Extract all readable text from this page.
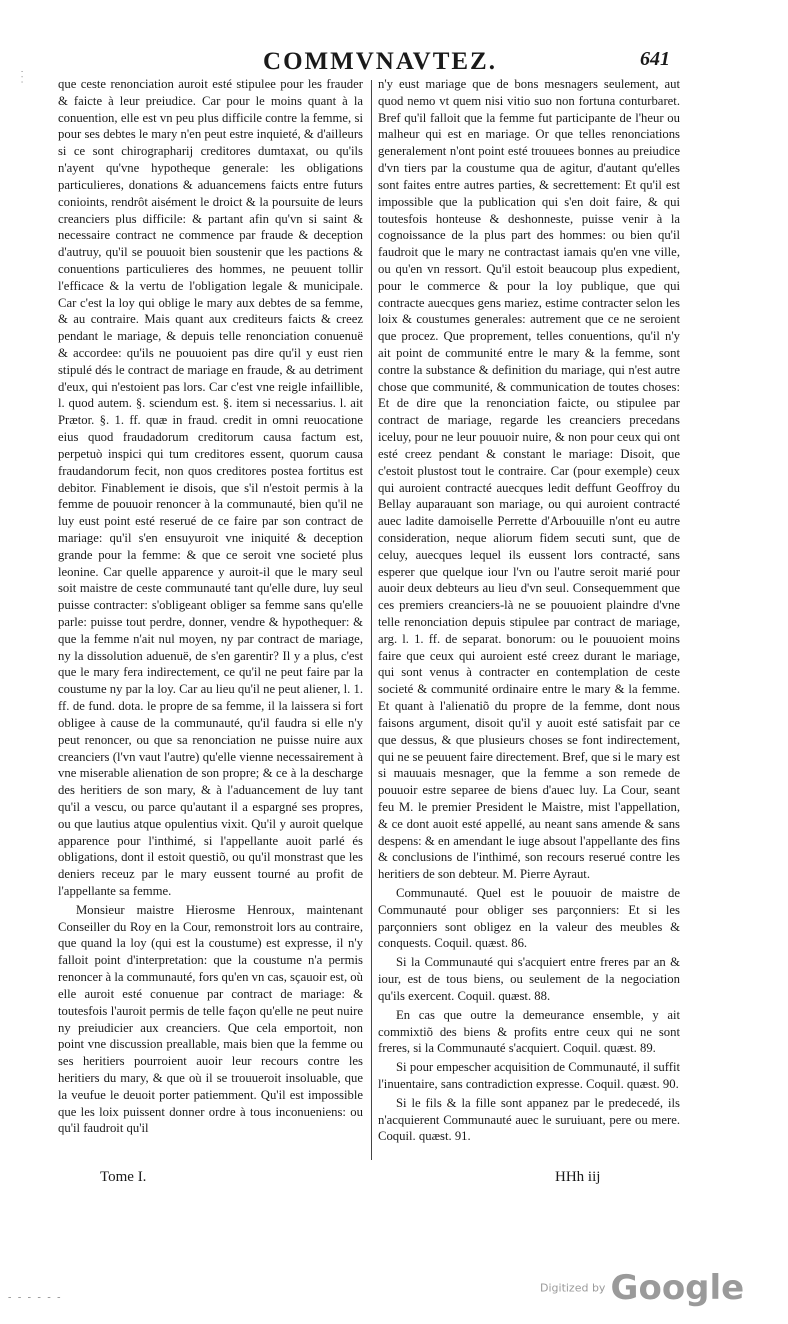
· · ·
COMMVNAVTEZ.	641

que ceste renonciation auroit esté stipulee pour les frauder & faicte à leur preiudice. Car pour le moins quant à la conuention, elle est vn peu plus difficile contre la femme, si pour ses debtes le mary n'en peut estre inquieté, & d'ailleurs si ce sont chirographarij creditores dumtaxat, ou qu'ils n'ayent qu'vne hypotheque generale: les obligations particulieres, donations & aduancemens faicts entre futurs conioints, rendrôt aisément le droict & la poursuite de leurs creanciers plus difficile: & partant afin qu'vn si saint & necessaire contract ne commence par fraude & deception d'autruy, qu'il se pouuoit bien soustenir que les pactions & conuentions particulieres des hommes, ne peuuent tollir l'efficace & la vertu de l'obligation legale & municipale. Car c'est la loy qui oblige le mary aux debtes de sa femme, & au contraire. Mais quant aux crediteurs faicts & creez pendant le mariage, & depuis telle renonciation conuenuë & accordee: qu'ils ne pouuoient pas dire qu'il y eust rien stipulé dés le contract de mariage en fraude, & au detriment d'eux, qui n'estoient pas lors. Car c'est vne reigle infaillible, l. quod autem. §. sciendum est. §. item si necessarius. l. ait Prætor. §. 1. ff. quæ in fraud. credit in omni reuocatione eius quod fraudadorum creditorum causa factum est, perpetuò inspici qui tum creditores essent, quorum causa fraudandorum fecit, non quos creditores postea fortitus est debitor. Finablement ie disois, que s'il n'estoit permis à la femme de pouuoir renoncer à la communauté, bien qu'il ne luy eust point esté reserué de ce faire par son contract de mariage: qu'il s'en ensuyuroit vne iniquité & deception grande pour la femme: & que ce seroit vne societé plus leonine. Car quelle apparence y auroit-il que le mary seul soit maistre de ceste communauté tant qu'elle dure, luy seul puisse contracter: s'obligeant obliger sa femme sans qu'elle parle: puisse tout perdre, donner, vendre & hypothequer: & que la femme n'ait nul moyen, ny par contract de mariage, ny la dissolution aduenuë, de s'en garentir? Il y a plus, c'est que le mary fera indirectement, ce qu'il ne peut faire par la coustume ny par la loy. Car au lieu qu'il ne peut aliener, l. 1. ff. de fund. dota. le propre de sa femme, il la laissera si fort obligee à cause de la communauté, qu'il faudra si elle n'y peut renoncer, ou que sa renonciation ne puisse nuire aux creanciers (l'vn vaut l'autre) qu'elle vienne necessairement à vne miserable alienation de son propre; & ce à la descharge des heritiers de son mary, & à l'aduancement de luy tant qu'il a vescu, ou parce qu'autant il a espargné ses propres, ou que lautius atque opulentius vixit. Qu'il y auroit quelque apparence pour l'inthimé, si l'appellante auoit parlé és obligations, dont il estoit questiõ, ou qu'il monstrast que les deniers receuz par le mary eussent tourné au profit de l'appellante sa femme.

Monsieur maistre Hierosme Henroux, maintenant Conseiller du Roy en la Cour, remonstroit lors au contraire, que quand la loy (qui est la coustume) est expresse, il n'y falloit point d'interpretation: que la coustume n'a permis renoncer à la communauté, fors qu'en vn cas, sçauoir est, où elle auroit esté conuenue par contract de mariage: & toutesfois l'auroit permis de telle façon qu'elle ne peut nuire ny preiudicier aux creanciers. Que cela emportoit, non point vne discussion preallable, mais bien que la femme ou ses heritiers pourroient auoir leur recours contre les heritiers du mary, & que où il se trouueroit insoluable, que la veufue le deuoit porter patiemment. Qu'il est impossible que les loix puissent donner ordre à tous inconueniens: ou qu'il faudroit qu'il

n'y eust mariage que de bons mesnagers seulement, aut quod nemo vt quem nisi vitio suo non fortuna conturbaret. Bref qu'il falloit que la femme fut participante de l'heur ou malheur qui est en mariage. Or que telles renonciations generalement n'ont point esté trouuees bonnes au preiudice d'vn tiers par la coustume qua de agitur, d'autant qu'elles sont faites entre autres parties, & secrettement: Et qu'il est impossible que la publication qui s'en doit faire, & qui toutesfois honteuse & deshonneste, puisse venir à la cognoissance de la plus part des hommes: ou bien qu'il faudroit que le mary ne contractast iamais qu'en vne ville, ou qu'en vn ressort. Qu'il estoit beaucoup plus expedient, pour le commerce & pour la loy publique, que qui contracte auecques gens mariez, estime contracter selon les loix & coustumes generales: autrement que ce ne seroient que procez. Que proprement, telles conuentions, qu'il n'y ait point de communité entre le mary & la femme, sont contre la substance & definition du mariage, qui n'est autre chose que communité, & communication de toutes choses: Et de dire que la renonciation faicte, ou stipulee par contract de mariage, regarde les creanciers precedans iceluy, pour ne leur pouuoir nuire, & non pour ceux qui ont esté creez pendant & constant le mariage: Disoit, que c'estoit plustost tout le contraire. Car (pour exemple) ceux qui auroient contracté auecques ledit deffunt Geoffroy du Bellay auparauant son mariage, ou qui auroient contracté auec ladite damoiselle Perrette d'Arbouuille n'ont eu autre consideration, neque aliorum fidem secuti sunt, que de celuy, auecques lequel ils eussent lors contracté, sans esperer que quelque iour l'vn ou l'autre seroit marié pour auoir deux debteurs au lieu d'vn seul. Consequemment que ces premiers creanciers-là ne se pouuoient plaindre d'vne telle renonciation depuis stipulee par contract de mariage, arg. l. 1. ff. de separat. bonorum: ou le pouuoient moins faire que ceux qui auroient esté creez durant le mariage, qui sont venus à contracter en contemplation de ceste societé & communité ordinaire entre le mary & la femme. Et quant à l'alienatiõ du propre de la femme, dont nous faisons argument, disoit qu'il y auoit esté satisfait par ce que dessus, & que plusieurs choses se font indirectement, qui ne se peuuent faire directement. Bref, que si le mary est si mauuais mesnager, que la femme a son remede de pouuoir estre separee de biens d'auec luy. La Cour, seant feu M. le premier President le Maistre, mist l'appellation, & ce dont auoit esté appellé, au neant sans amende & sans despens: & en amendant le iuge absout l'appellante des fins & conclusions de l'inthimé, son recours reserué contre les heritiers de son debteur. M. Pierre Ayraut.

Communauté. Quel est le pouuoir de maistre de Communauté pour obliger ses parçonniers: Et si les parçonniers sont obligez en la valeur des meubles & conquests. Coquil. quæst. 86.

Si la Communauté qui s'acquiert entre freres par an & iour, est de tous biens, ou seulement de la negociation qu'ils exercent. Coquil. quæst. 88.

En cas que outre la demeurance ensemble, y ait commixtiõ des biens & profits entre ceux qui ne sont freres, si la Communauté s'acquiert. Coquil. quæst. 89.

Si pour empescher acquisition de Communauté, il suffit l'inuentaire, sans contradiction expresse. Coquil. quæst. 90.

Si le fils & la fille sont appanez par le predecedé, ils n'acquierent Communauté auec le suruiuant, pere ou mere. Coquil. quæst. 91.

Tome I.	HHh iij
- - - - - -
Digitized by Google
